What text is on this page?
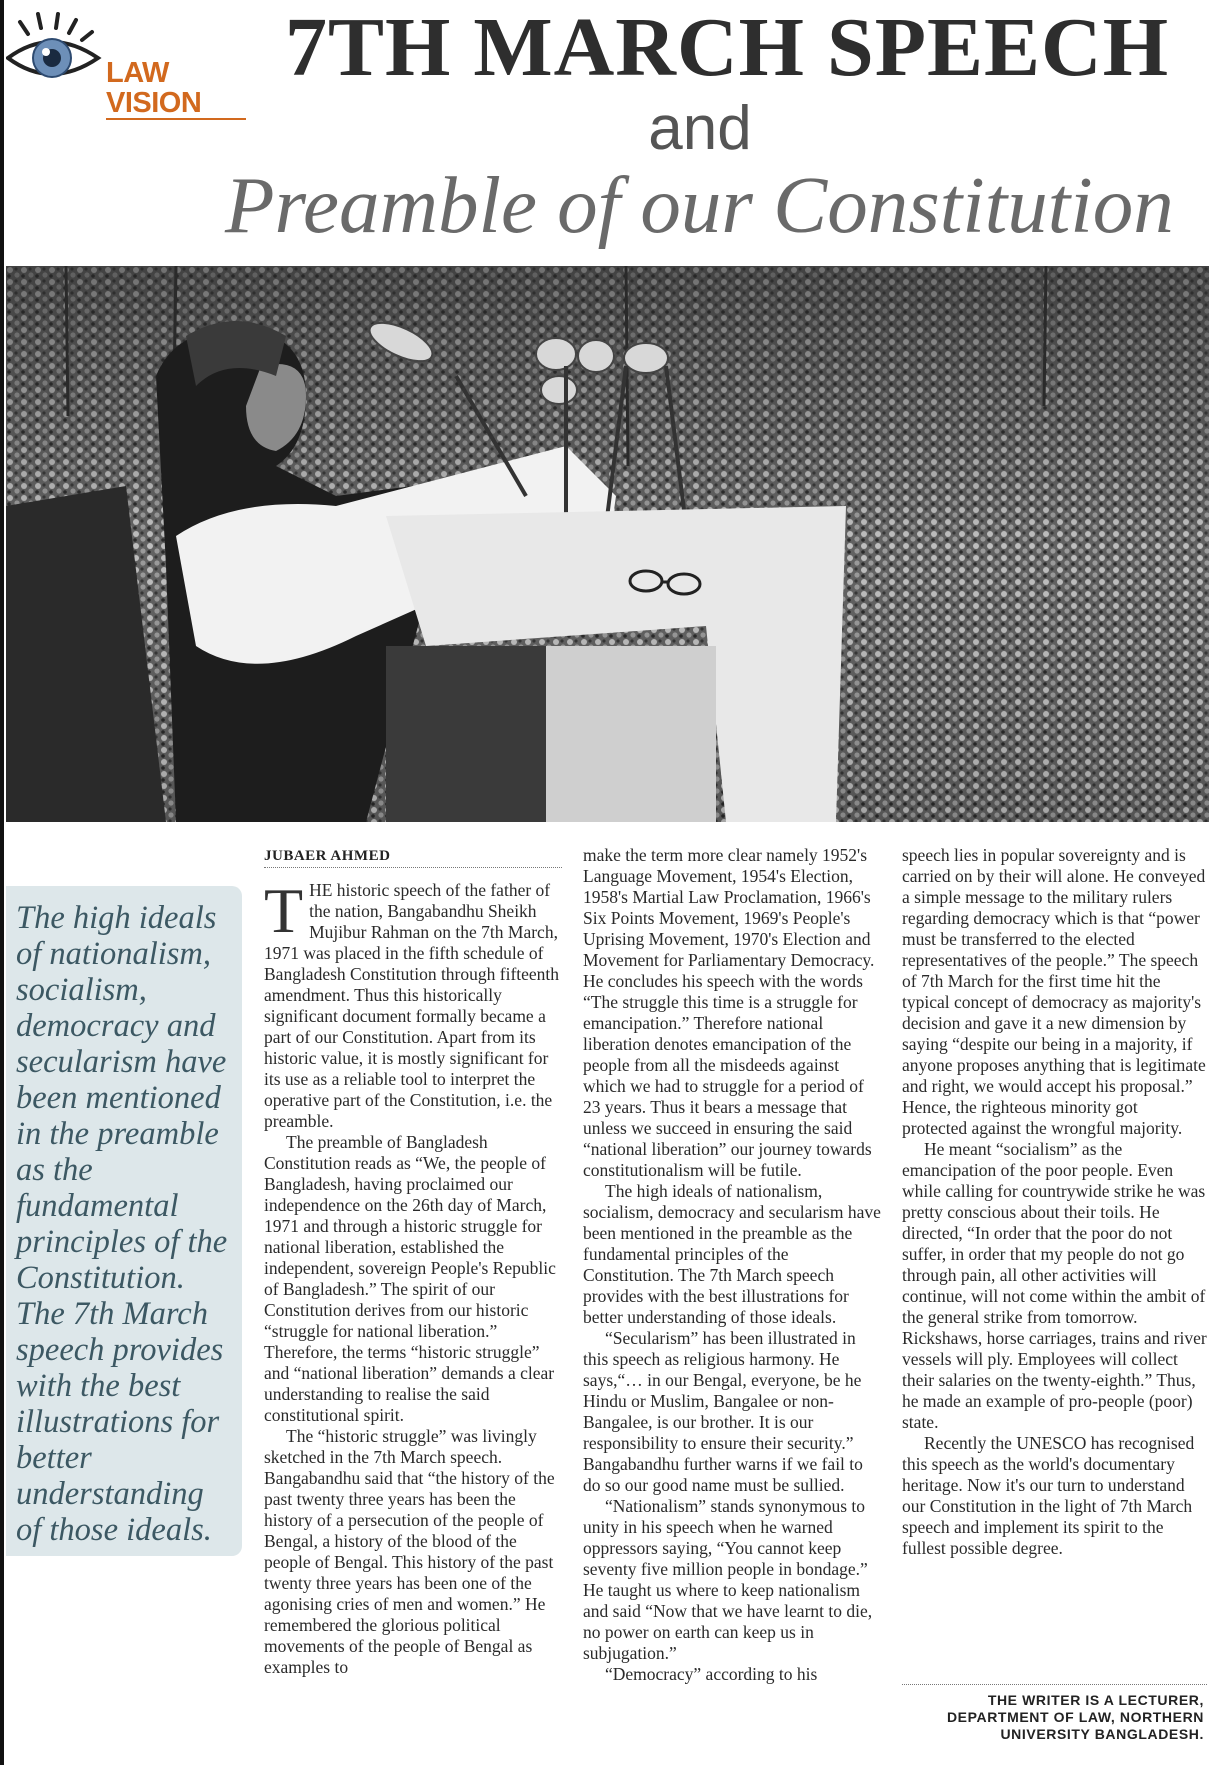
LAW VISION
7TH MARCH SPEECH
and
Preamble of our Constitution

The high ideals of nationalism, socialism, democracy and secularism have been mentioned in the preamble as the fundamental principles of the Constitution. The 7th March speech provides with the best illustrations for better understanding of those ideals.

JUBAER AHMED

THE historic speech of the father of the nation, Bangabandhu Sheikh Mujibur Rahman on the 7th March, 1971 was placed in the fifth schedule of Bangladesh Constitution through fifteenth amendment. Thus this historically significant document formally became a part of our Constitution. Apart from its historic value, it is mostly significant for its use as a reliable tool to interpret the operative part of the Constitution, i.e. the preamble.

The preamble of Bangladesh Constitution reads as “We, the people of Bangladesh, having proclaimed our independence on the 26th day of March, 1971 and through a historic struggle for national liberation, established the independent, sovereign People's Republic of Bangladesh.” The spirit of our Constitution derives from our historic “struggle for national liberation.” Therefore, the terms “historic struggle” and “national liberation” demands a clear understanding to realise the said constitutional spirit.

The “historic struggle” was livingly sketched in the 7th March speech. Bangabandhu said that “the history of the past twenty three years has been the history of a persecution of the people of Bengal, a history of the blood of the people of Bengal. This history of the past twenty three years has been one of the agonising cries of men and women.” He remembered the glorious political movements of the people of Bengal as examples to

make the term more clear namely 1952's Language Movement, 1954's Election, 1958's Martial Law Proclamation, 1966's Six Points Movement, 1969's People's Uprising Movement, 1970's Election and Movement for Parliamentary Democracy. He concludes his speech with the words “The struggle this time is a struggle for emancipation.” Therefore national liberation denotes emancipation of the people from all the misdeeds against which we had to struggle for a period of 23 years. Thus it bears a message that unless we succeed in ensuring the said “national liberation” our journey towards constitutionalism will be futile.

The high ideals of nationalism, socialism, democracy and secularism have been mentioned in the preamble as the fundamental principles of the Constitution. The 7th March speech provides with the best illustrations for better understanding of those ideals.

“Secularism” has been illustrated in this speech as religious harmony. He says,“… in our Bengal, everyone, be he Hindu or Muslim, Bangalee or non-Bangalee, is our brother. It is our responsibility to ensure their security.” Bangabandhu further warns if we fail to do so our good name must be sullied.

“Nationalism” stands synonymous to unity in his speech when he warned oppressors saying, “You cannot keep seventy five million people in bondage.” He taught us where to keep nationalism and said “Now that we have learnt to die, no power on earth can keep us in subjugation.”

“Democracy” according to his

speech lies in popular sovereignty and is carried on by their will alone. He conveyed a simple message to the military rulers regarding democracy which is that “power must be transferred to the elected representatives of the people.” The speech of 7th March for the first time hit the typical concept of democracy as majority's decision and gave it a new dimension by saying “despite our being in a majority, if anyone proposes anything that is legitimate and right, we would accept his proposal.” Hence, the righteous minority got protected against the wrongful majority.

He meant “socialism” as the emancipation of the poor people. Even while calling for countrywide strike he was pretty conscious about their toils. He directed, “In order that the poor do not suffer, in order that my people do not go through pain, all other activities will continue, will not come within the ambit of the general strike from tomorrow. Rickshaws, horse carriages, trains and river vessels will ply. Employees will collect their salaries on the twenty-eighth.” Thus, he made an example of pro-people (poor) state.

Recently the UNESCO has recognised this speech as the world's documentary heritage. Now it's our turn to understand our Constitution in the light of 7th March speech and implement its spirit to the fullest possible degree.

THE WRITER IS A LECTURER, DEPARTMENT OF LAW, NORTHERN UNIVERSITY BANGLADESH.
